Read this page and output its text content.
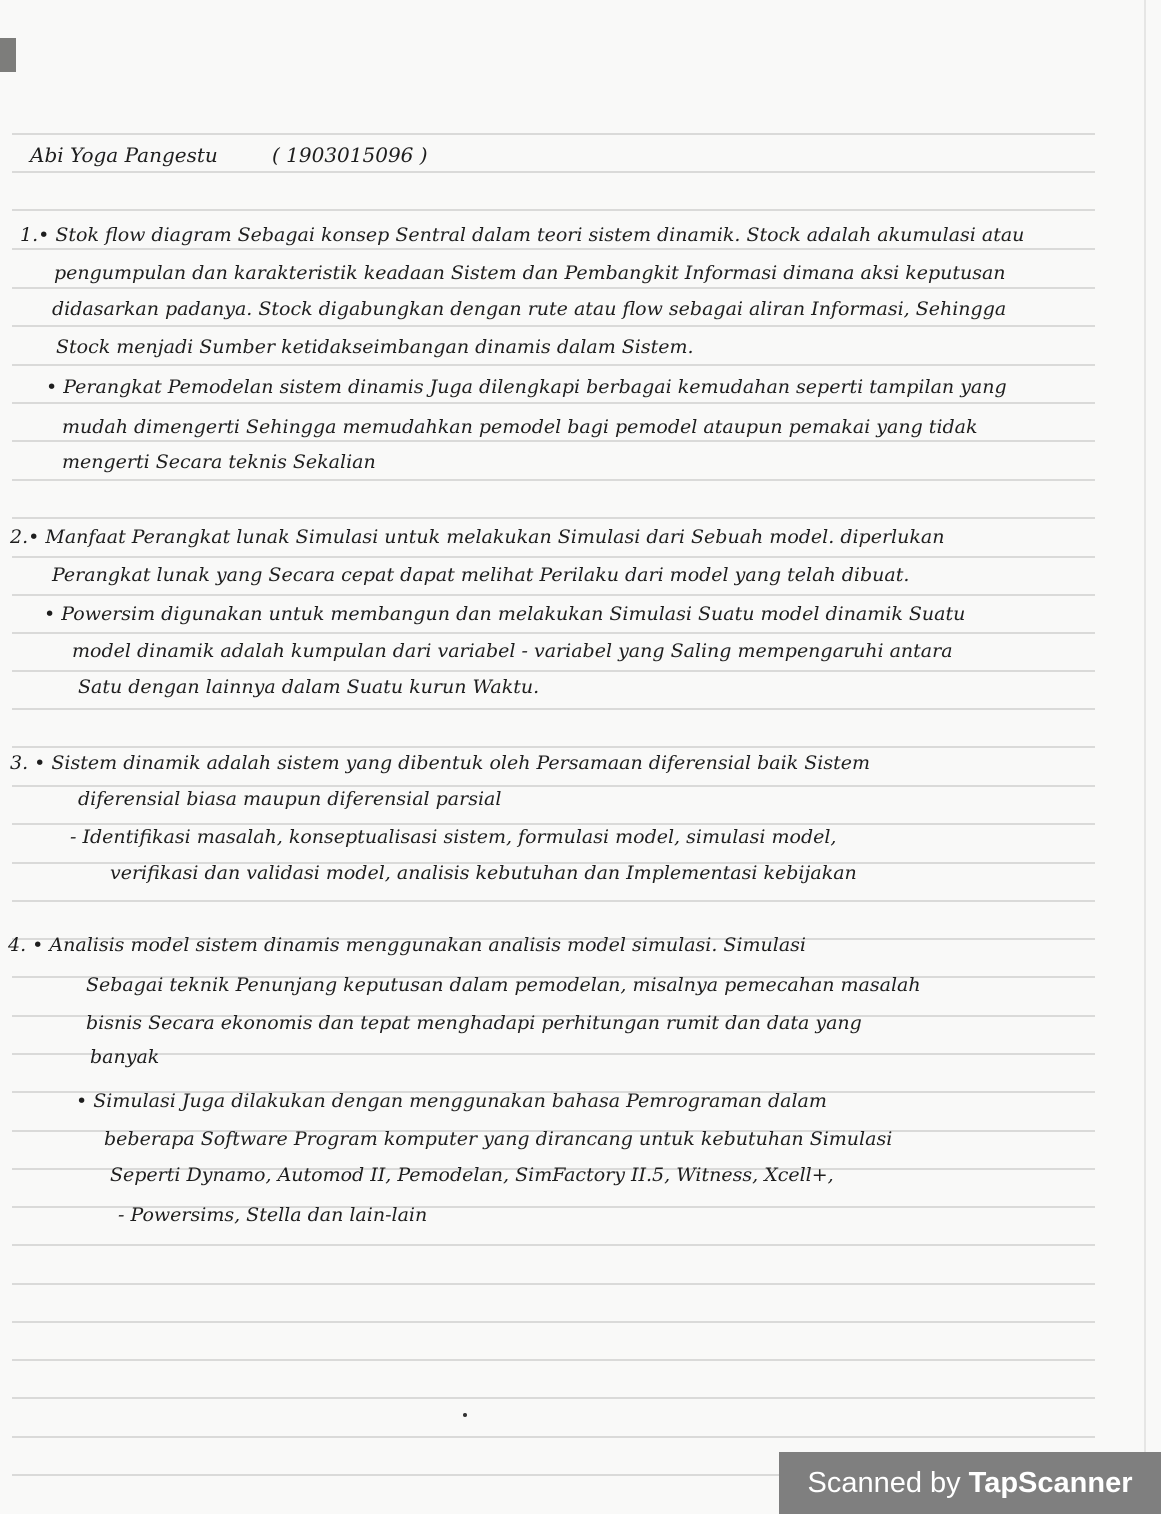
Abi Yoga Pangestu	( 1903015096 )
1.• Stok flow diagram Sebagai konsep Sentral dalam teori sistem dinamik. Stock adalah akumulasi atau
pengumpulan dan karakteristik keadaan Sistem dan Pembangkit Informasi dimana aksi keputusan
didasarkan padanya. Stock digabungkan dengan rute atau flow sebagai aliran Informasi, Sehingga
Stock menjadi Sumber ketidakseimbangan dinamis dalam Sistem.
• Perangkat Pemodelan sistem dinamis Juga dilengkapi berbagai kemudahan seperti tampilan yang
mudah dimengerti Sehingga memudahkan pemodel bagi pemodel ataupun pemakai yang tidak
mengerti Secara teknis Sekalian
2.• Manfaat Perangkat lunak Simulasi untuk melakukan Simulasi dari Sebuah model. diperlukan
Perangkat lunak yang Secara cepat dapat melihat Perilaku dari model yang telah dibuat.
• Powersim digunakan untuk membangun dan melakukan Simulasi Suatu model dinamik Suatu
model dinamik adalah kumpulan dari variabel - variabel yang Saling mempengaruhi antara
Satu dengan lainnya dalam Suatu kurun Waktu.
3. • Sistem dinamik adalah sistem yang dibentuk oleh Persamaan diferensial baik Sistem
diferensial biasa maupun diferensial parsial
- Identifikasi masalah, konseptualisasi sistem, formulasi model, simulasi model,
verifikasi dan validasi model, analisis kebutuhan dan Implementasi kebijakan
4. • Analisis model sistem dinamis menggunakan analisis model simulasi. Simulasi
Sebagai teknik Penunjang keputusan dalam pemodelan, misalnya pemecahan masalah
bisnis Secara ekonomis dan tepat menghadapi perhitungan rumit dan data yang
banyak
• Simulasi Juga dilakukan dengan menggunakan bahasa Pemrograman dalam
beberapa Software Program komputer yang dirancang untuk kebutuhan Simulasi
Seperti Dynamo, Automod II, Pemodelan, SimFactory II.5, Witness, Xcell+,
- Powersims, Stella dan lain-lain
Scanned by TapScanner
